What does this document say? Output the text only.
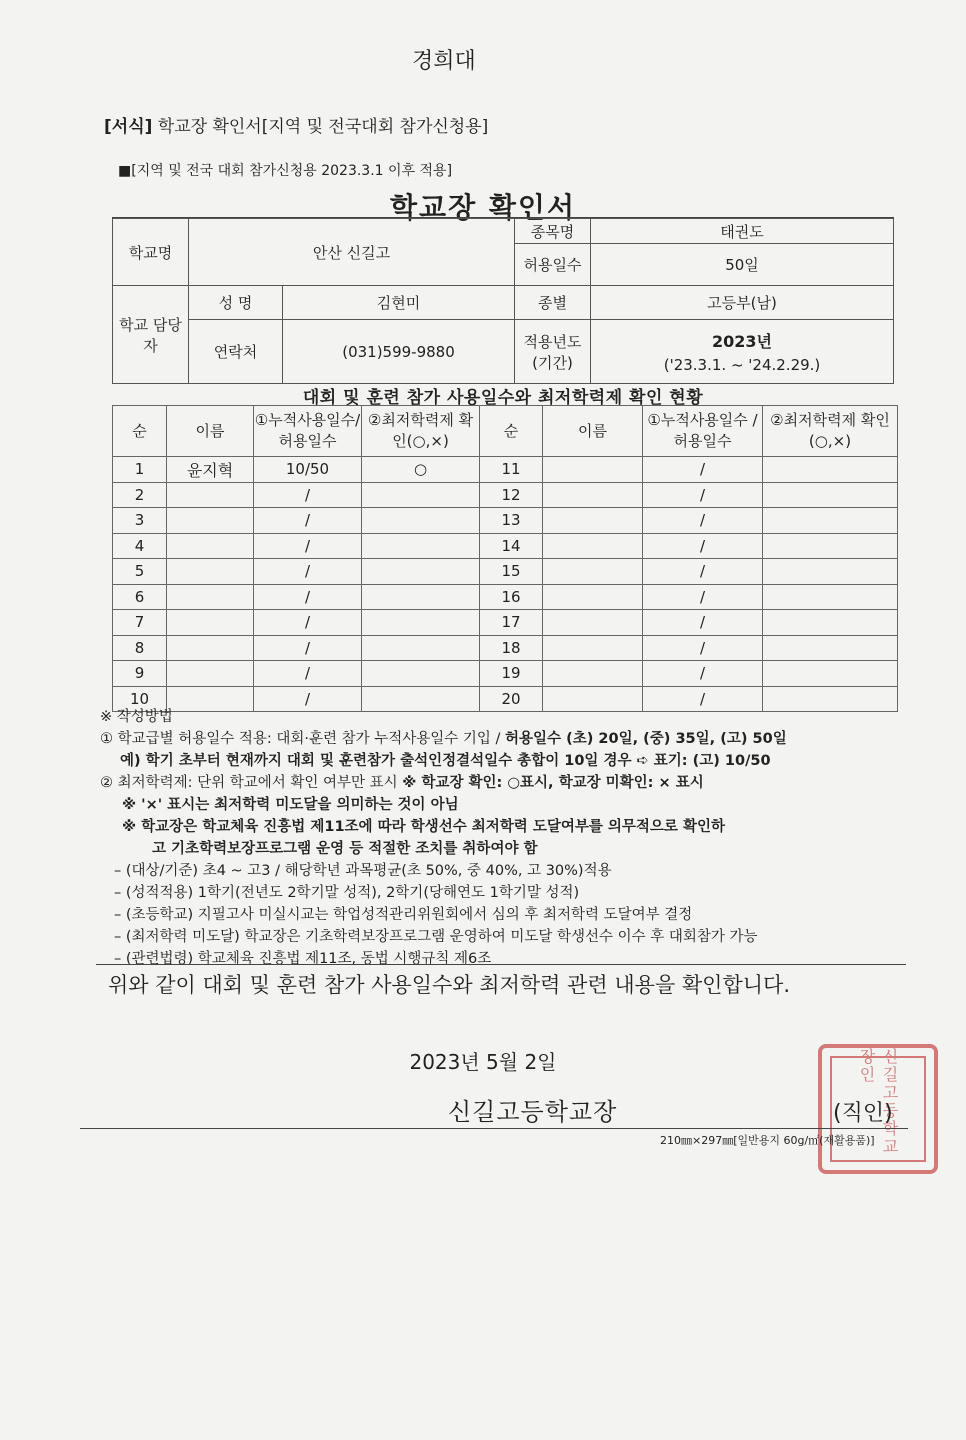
경희대
[서식] 학교장 확인서[지역 및 전국대회 참가신청용]
■[지역 및 전국 대회 참가신청용 2023.3.1 이후 적용]
학교장 확인서
학교명	안산 신길고		종목명	태권도
			허용일수	50일

학교 담당자	성 명	김현미	종별	고등부(남)
	연락처	(031)599-9880	적용년도 (기간)	2023년
('23.3.1. ~ '24.2.29.)
대회 및 훈련 참가 사용일수와 최저학력제 확인 현황
순	이름	①누적사용일수/허용일수	②최저학력제 확인(○,×)	순	이름	①누적사용일수 /허용일수	②최저학력제 확인(○,×)
1	윤지혁	10/50	○	11		/	
2		/		12		/	
3		/		13		/	
4		/		14		/	
5		/		15		/	
6		/		16		/	
7		/		17		/	
8		/		18		/	
9		/		19		/	
10		/		20		/	
※ 작성방법
① 학교급별 허용일수 적용: 대회·훈련 참가 누적사용일수 기입 / 허용일수 (초) 20일, (중) 35일, (고) 50일
예) 학기 초부터 현재까지 대회 및 훈련참가 출석인정결석일수 총합이 10일 경우 ➪ 표기: (고) 10/50
② 최저학력제: 단위 학교에서 확인 여부만 표시 ※ 학교장 확인: ○표시, 학교장 미확인: × 표시
※ '×' 표시는 최저학력 미도달을 의미하는 것이 아님
※ 학교장은 학교체육 진흥법 제11조에 따라 학생선수 최저학력 도달여부를 의무적으로 확인하
고 기초학력보장프로그램 운영 등 적절한 조치를 취하여야 함
– (대상/기준) 초4 ~ 고3 / 해당학년 과목평균(초 50%, 중 40%, 고 30%)적용
– (성적적용) 1학기(전년도 2학기말 성적), 2학기(당해연도 1학기말 성적)
– (초등학교) 지필고사 미실시교는 학업성적관리위원회에서 심의 후 최저학력 도달여부 결정
– (최저학력 미도달) 학교장은 기초학력보장프로그램 운영하여 미도달 학생선수 이수 후 대회참가 가능
– (관련법령) 학교체육 진흥법 제11조, 동법 시행규칙 제6조
위와 같이 대회 및 훈련 참가 사용일수와 최저학력 관련 내용을 확인합니다.
2023년 5월 2일	신길고등학교장인
신길고등학교장	(직인)
210㎜×297㎜[일반용지 60g/㎡(재활용품)]
